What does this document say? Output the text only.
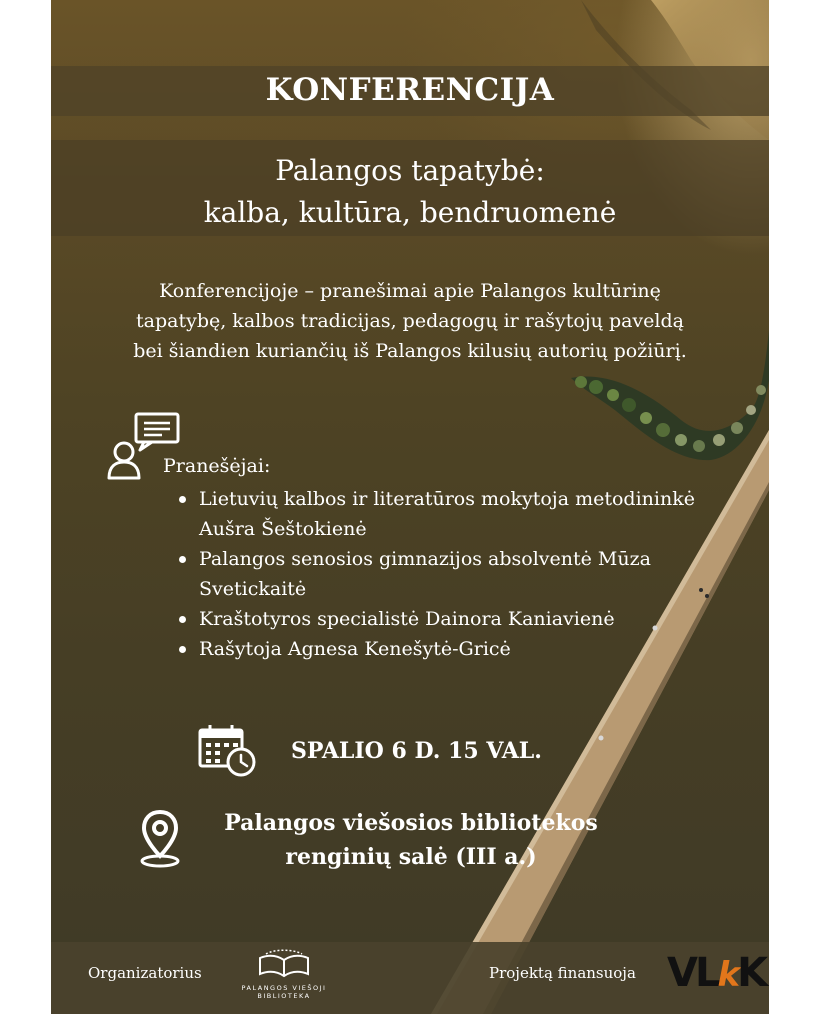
KONFERENCIJA
Palangos tapatybė:
kalba, kultūra, bendruomenė

Konferencijoje – pranešimai apie Palangos kultūrinę tapatybę, kalbos tradicijas, pedagogų ir rašytojų paveldą bei šiandien kuriančių iš Palangos kilusių autorių požiūrį.

Pranešėjai:
Lietuvių kalbos ir literatūros mokytoja metodininkė Aušra Šeštokienė
Palangos senosios gimnazijos absolventė Mūza Svetickaitė
Kraštotyros specialistė Dainora Kaniavienė
Rašytoja Agnesa Kenešytė-Gricė
SPALIO 6 D. 15 VAL.
Palangos viešosios bibliotekos renginių salė (III a.)
Organizatorius
PALANGOS VIEŠOJI
BIBLIOTEKA
Projektą finansuoja VLkK
